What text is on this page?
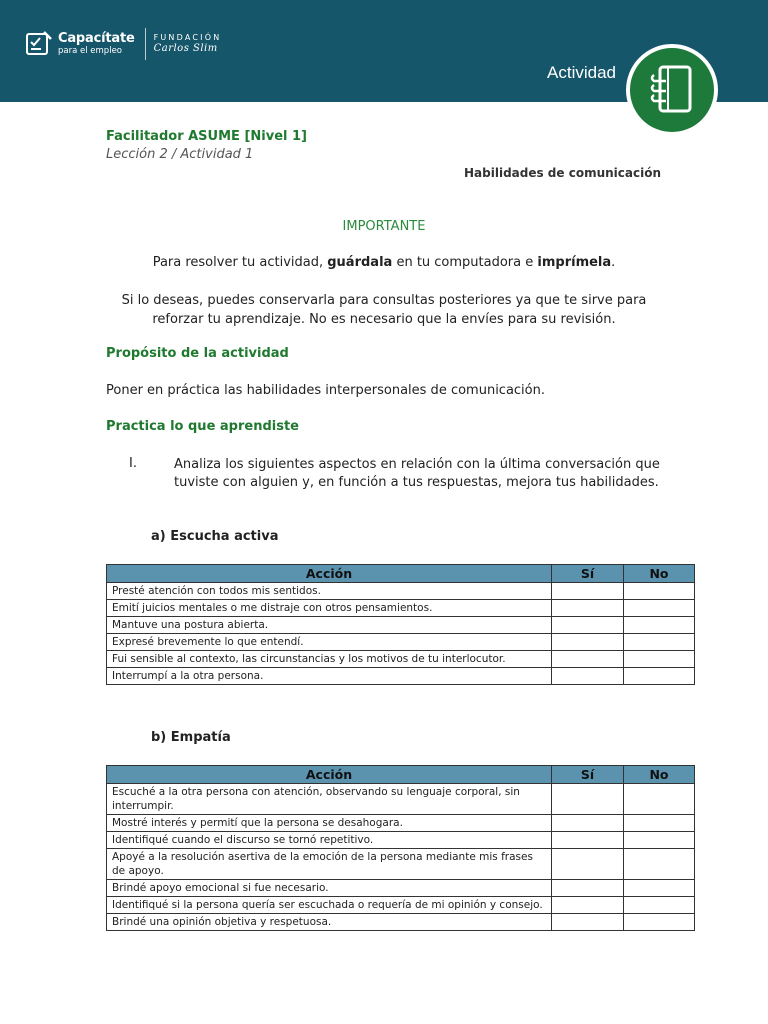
Capacítate
para el empleo
FUNDACIÓN
Carlos Slim
Actividad
Facilitador ASUME [Nivel 1]
Lección 2 / Actividad 1
Habilidades de comunicación
IMPORTANTE
Para resolver tu actividad, guárdala en tu computadora e imprímela.
Si lo deseas, puedes conservarla para consultas posteriores ya que te sirve para reforzar tu aprendizaje. No es necesario que la envíes para su revisión.
Propósito de la actividad
Poner en práctica las habilidades interpersonales de comunicación.
Practica lo que aprendiste
I.	Analiza los siguientes aspectos en relación con la última conversación que tuviste con alguien y, en función a tus respuestas, mejora tus habilidades.
a) Escucha activa
Acción	Sí	No
Presté atención con todos mis sentidos.		
Emití juicios mentales o me distraje con otros pensamientos.		
Mantuve una postura abierta.		
Expresé brevemente lo que entendí.		
Fui sensible al contexto, las circunstancias y los motivos de tu interlocutor.		
Interrumpí a la otra persona.		
b) Empatía
Acción	Sí	No
Escuché a la otra persona con atención, observando su lenguaje corporal, sin interrumpir.		
Mostré interés y permití que la persona se desahogara.		
Identifiqué cuando el discurso se tornó repetitivo.		
Apoyé a la resolución asertiva de la emoción de la persona mediante mis frases de apoyo.		
Brindé apoyo emocional si fue necesario.		
Identifiqué si la persona quería ser escuchada o requería de mi opinión y consejo.		
Brindé una opinión objetiva y respetuosa.		
